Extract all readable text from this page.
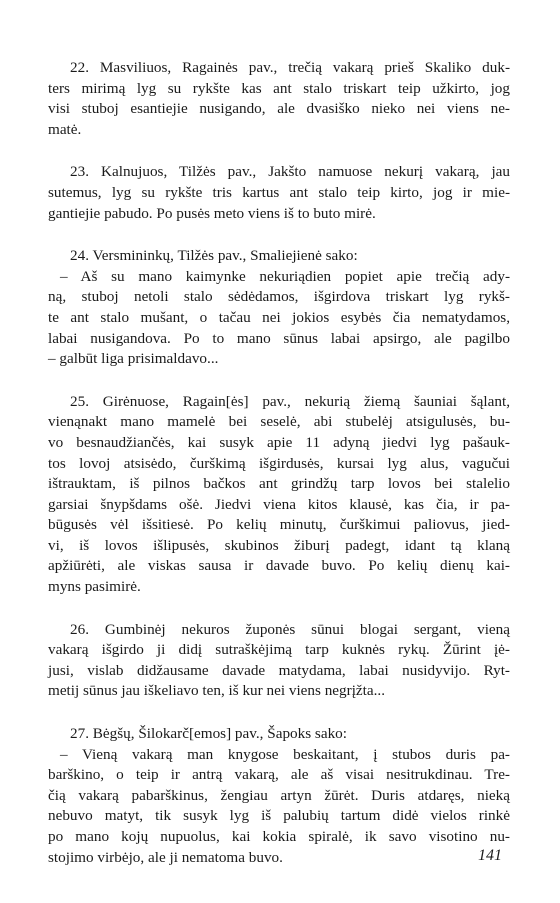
22. Masviliuos, Ragainės pav., trečią vakarą prieš Skaliko duk-
ters mirimą lyg su rykšte kas ant stalo triskart teip užkirto, jog
visi stuboj esantiejie nusigando, ale dvasiško nieko nei viens ne-
matė.
23. Kalnujuos, Tilžės pav., Jakšto namuose nekurį vakarą, jau
sutemus, lyg su rykšte tris kartus ant stalo teip kirto, jog ir mie-
gantiejie pabudo. Po pusės meto viens iš to buto mirė.
24. Versmininkų, Tilžės pav., Smaliejienė sako:
– Aš su mano kaimynke nekuriądien popiet apie trečią ady-
ną, stuboj netoli stalo sėdėdamos, išgirdova triskart lyg rykš-
te ant stalo mušant, o tačau nei jokios esybės čia nematydamos,
labai nusigandova. Po to mano sūnus labai apsirgo, ale pagilbo
– galbūt liga prisimaldavo...
25. Girėnuose, Ragain[ės] pav., nekurią žiemą šauniai šąlant,
vienąnakt mano mamelė bei seselė, abi stubelėj atsigulusės, bu-
vo besnaudžiančės, kai susyk apie 11 adyną jiedvi lyg pašauk-
tos lovoj atsisėdo, čurškimą išgirdusės, kursai lyg alus, vagučui
ištrauktam, iš pilnos bačkos ant grindžų tarp lovos bei stalelio
garsiai šnypšdams ošė. Jiedvi viena kitos klausė, kas čia, ir pa-
būgusės vėl išsitiesė. Po kelių minutų, čurškimui paliovus, jied-
vi, iš lovos išlipusės, skubinos žiburį padegt, idant tą klaną
apžiūrėti, ale viskas sausa ir davade buvo. Po kelių dienų kai-
myns pasimirė.
26. Gumbinėj nekuros župonės sūnui blogai sergant, vieną
vakarą išgirdo ji didį sutraškėjimą tarp kuknės rykų. Žūrint įė-
jusi, vislab didžausame davade matydama, labai nusidyvijo. Ryt-
metij sūnus jau iškeliavo ten, iš kur nei viens negrįžta...
27. Bėgšų, Šilokarč[emos] pav., Šapoks sako:
– Vieną vakarą man knygose beskaitant, į stubos duris pa-
barškino, o teip ir antrą vakarą, ale aš visai nesitrukdinau. Tre-
čią vakarą pabarškinus, žengiau artyn žūrėt. Duris atdaręs, nieką
nebuvo matyt, tik susyk lyg iš palubių tartum didė vielos rinkė
po mano kojų nupuolus, kai kokia spiralė, ik savo visotino nu-
stojimo virbėjo, ale ji nematoma buvo.	141
